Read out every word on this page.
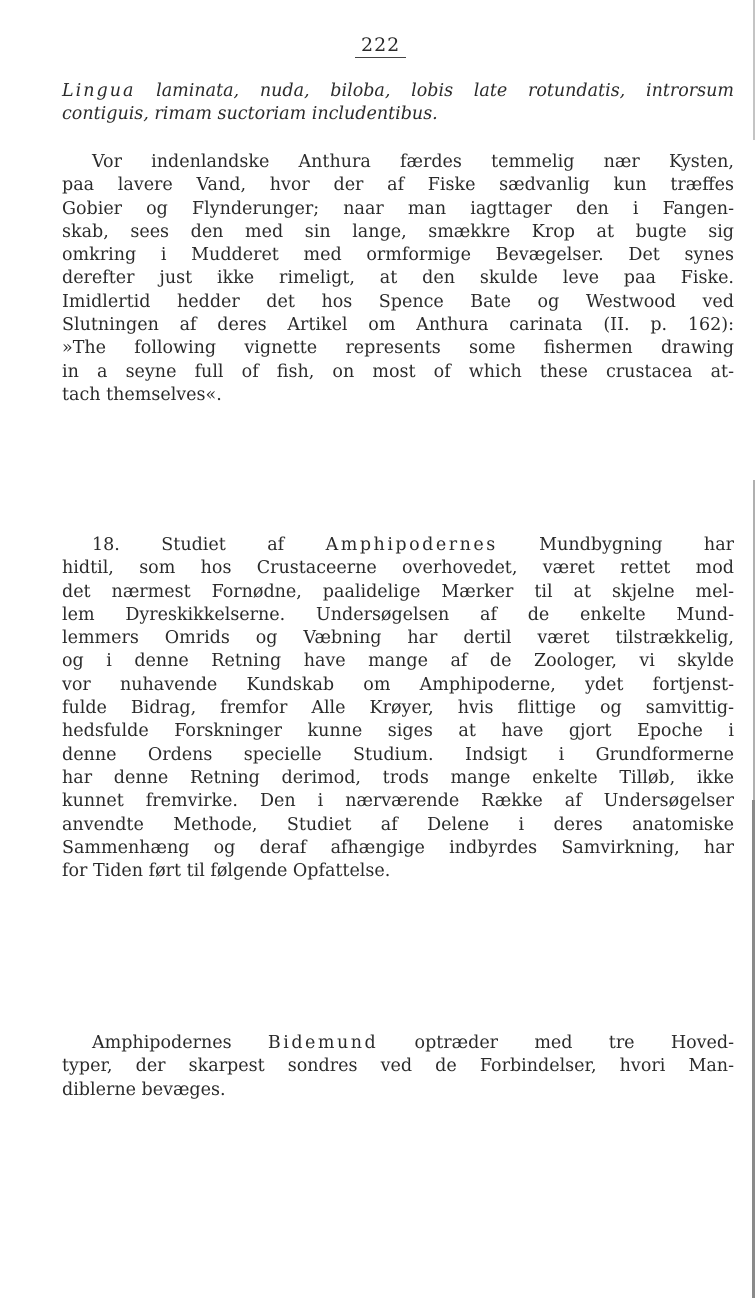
222
Lingua laminata, nuda, biloba, lobis late rotundatis, introrsum
contiguis, rimam suctoriam includentibus.
Vor indenlandske Anthura færdes temmelig nær Kysten,
paa lavere Vand, hvor der af Fiske sædvanlig kun træffes
Gobier og Flynderunger; naar man iagttager den i Fangen-
skab, sees den med sin lange, smækkre Krop at bugte sig
omkring i Mudderet med ormformige Bevægelser. Det synes
derefter just ikke rimeligt, at den skulde leve paa Fiske.
Imidlertid hedder det hos Spence Bate og Westwood ved
Slutningen af deres Artikel om Anthura carinata (II. p. 162):
»The following vignette represents some fishermen drawing
in a seyne full of fish, on most of which these crustacea at-
tach themselves«.
18. Studiet af Amphipodernes Mundbygning har
hidtil, som hos Crustaceerne overhovedet, været rettet mod
det nærmest Fornødne, paalidelige Mærker til at skjelne mel-
lem Dyreskikkelserne. Undersøgelsen af de enkelte Mund-
lemmers Omrids og Væbning har dertil været tilstrækkelig,
og i denne Retning have mange af de Zoologer, vi skylde
vor nuhavende Kundskab om Amphipoderne, ydet fortjenst-
fulde Bidrag, fremfor Alle Krøyer, hvis flittige og samvittig-
hedsfulde Forskninger kunne siges at have gjort Epoche i
denne Ordens specielle Studium. Indsigt i Grundformerne
har denne Retning derimod, trods mange enkelte Tilløb, ikke
kunnet fremvirke. Den i nærværende Række af Undersøgelser
anvendte Methode, Studiet af Delene i deres anatomiske
Sammenhæng og deraf afhængige indbyrdes Samvirkning, har
for Tiden ført til følgende Opfattelse.
Amphipodernes Bidemund optræder med tre Hoved-
typer, der skarpest sondres ved de Forbindelser, hvori Man-
diblerne bevæges.
